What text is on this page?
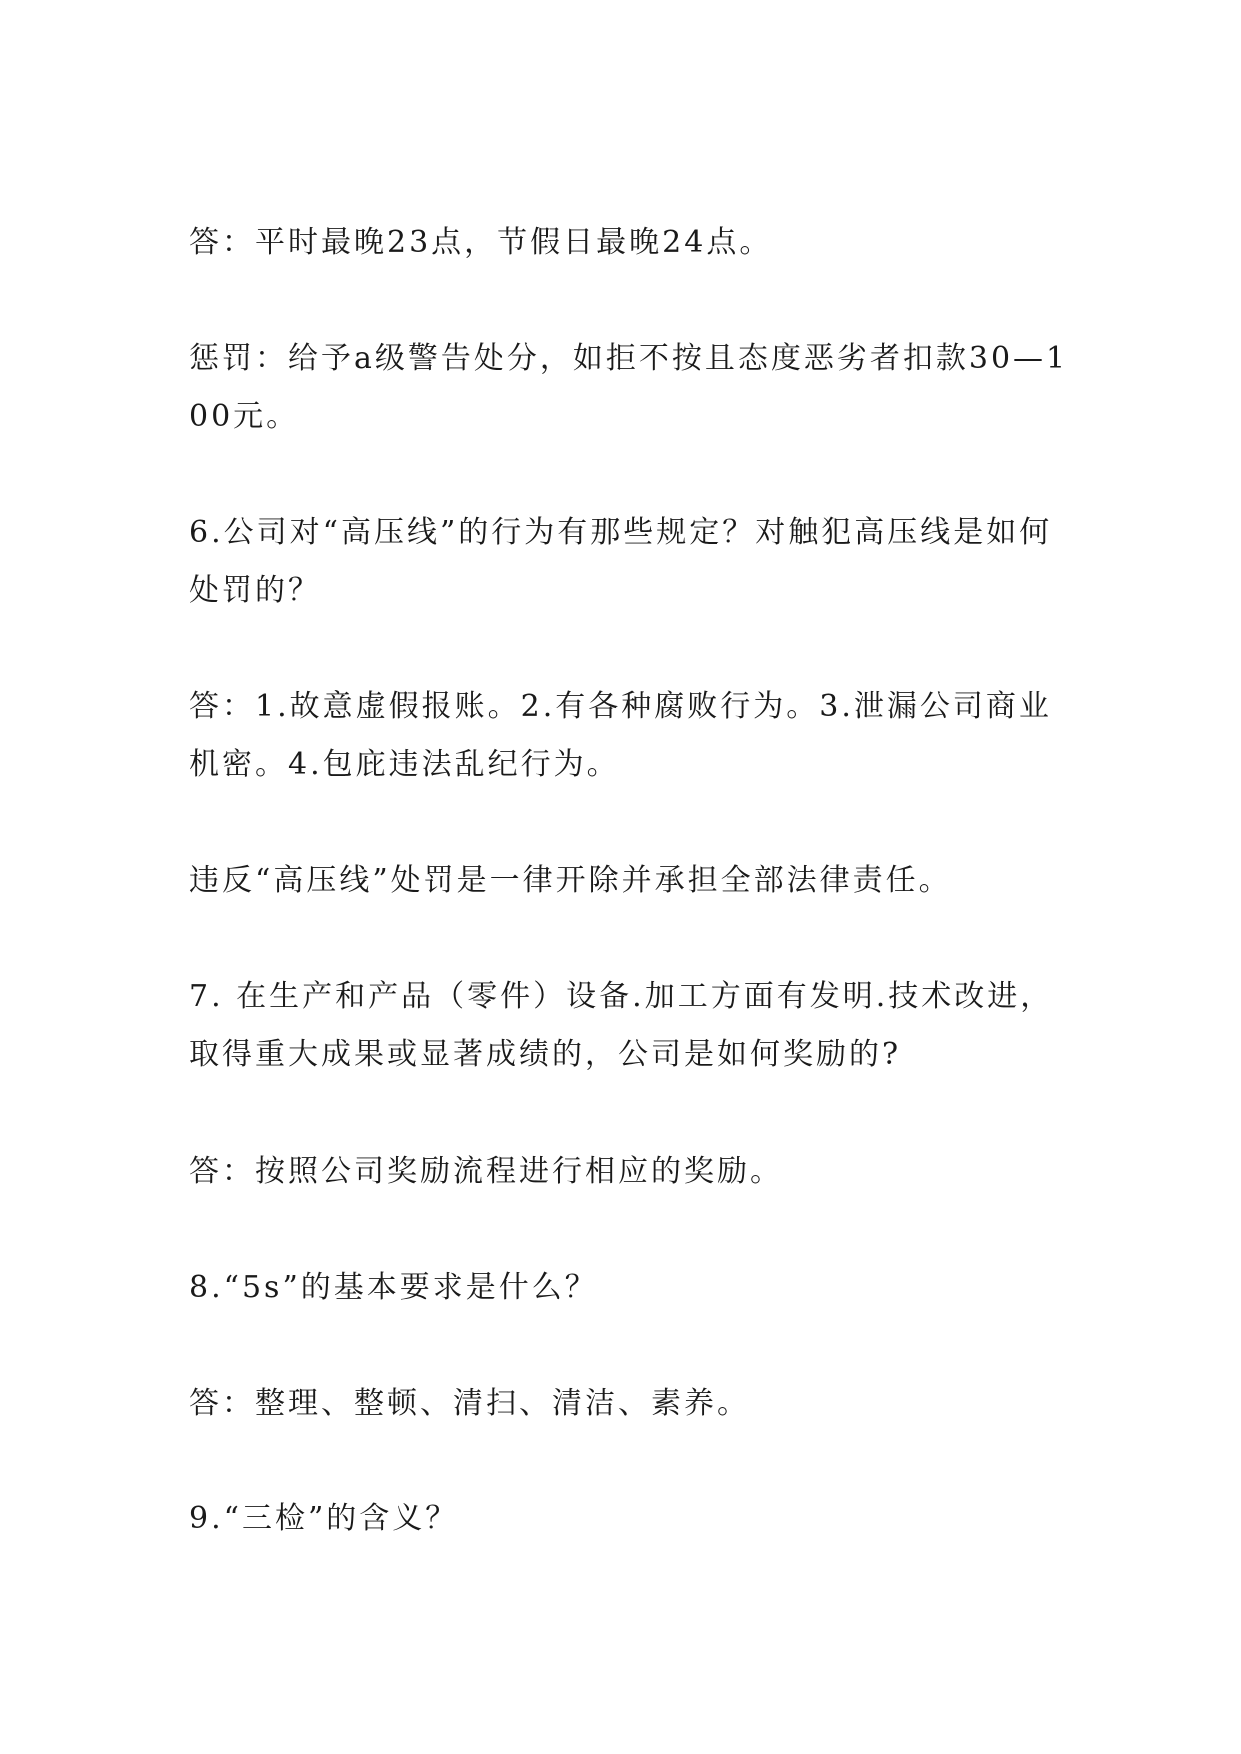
答：平时最晚23点，节假日最晚24点。

惩罚：给予a级警告处分，如拒不按且态度恶劣者扣款30—100元。

6.公司对“高压线”的行为有那些规定？对触犯高压线是如何处罚的？

答：1.故意虚假报账。2.有各种腐败行为。3.泄漏公司商业机密。4.包庇违法乱纪行为。

违反“高压线”处罚是一律开除并承担全部法律责任。

7. 在生产和产品（零件）设备.加工方面有发明.技术改进，取得重大成果或显著成绩的，公司是如何奖励的?

答：按照公司奖励流程进行相应的奖励。

8.“5s”的基本要求是什么？

答：整理、整顿、清扫、清洁、素养。

9.“三检”的含义？
